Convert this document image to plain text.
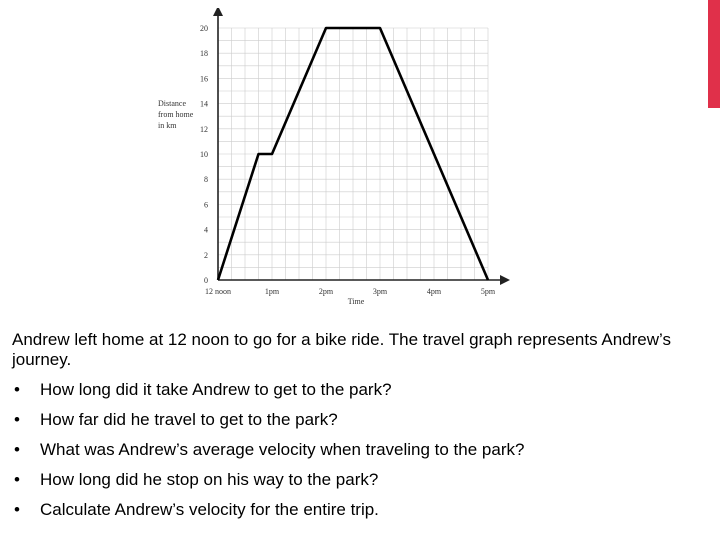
0
2
4
6
8
10
12
14
16
18
20
12 noon	1pm	2pm	3pm	4pm	5pm
Time
Distance from home in km

Andrew left home at 12 noon to go for a bike ride. The travel graph represents Andrew’s journey.

• How long did it take Andrew to get to the park?
• How far did he travel to get to the park?
• What was Andrew’s average velocity when traveling to the park?
• How long did he stop on his way to the park?
• Calculate Andrew’s velocity for the entire trip.
